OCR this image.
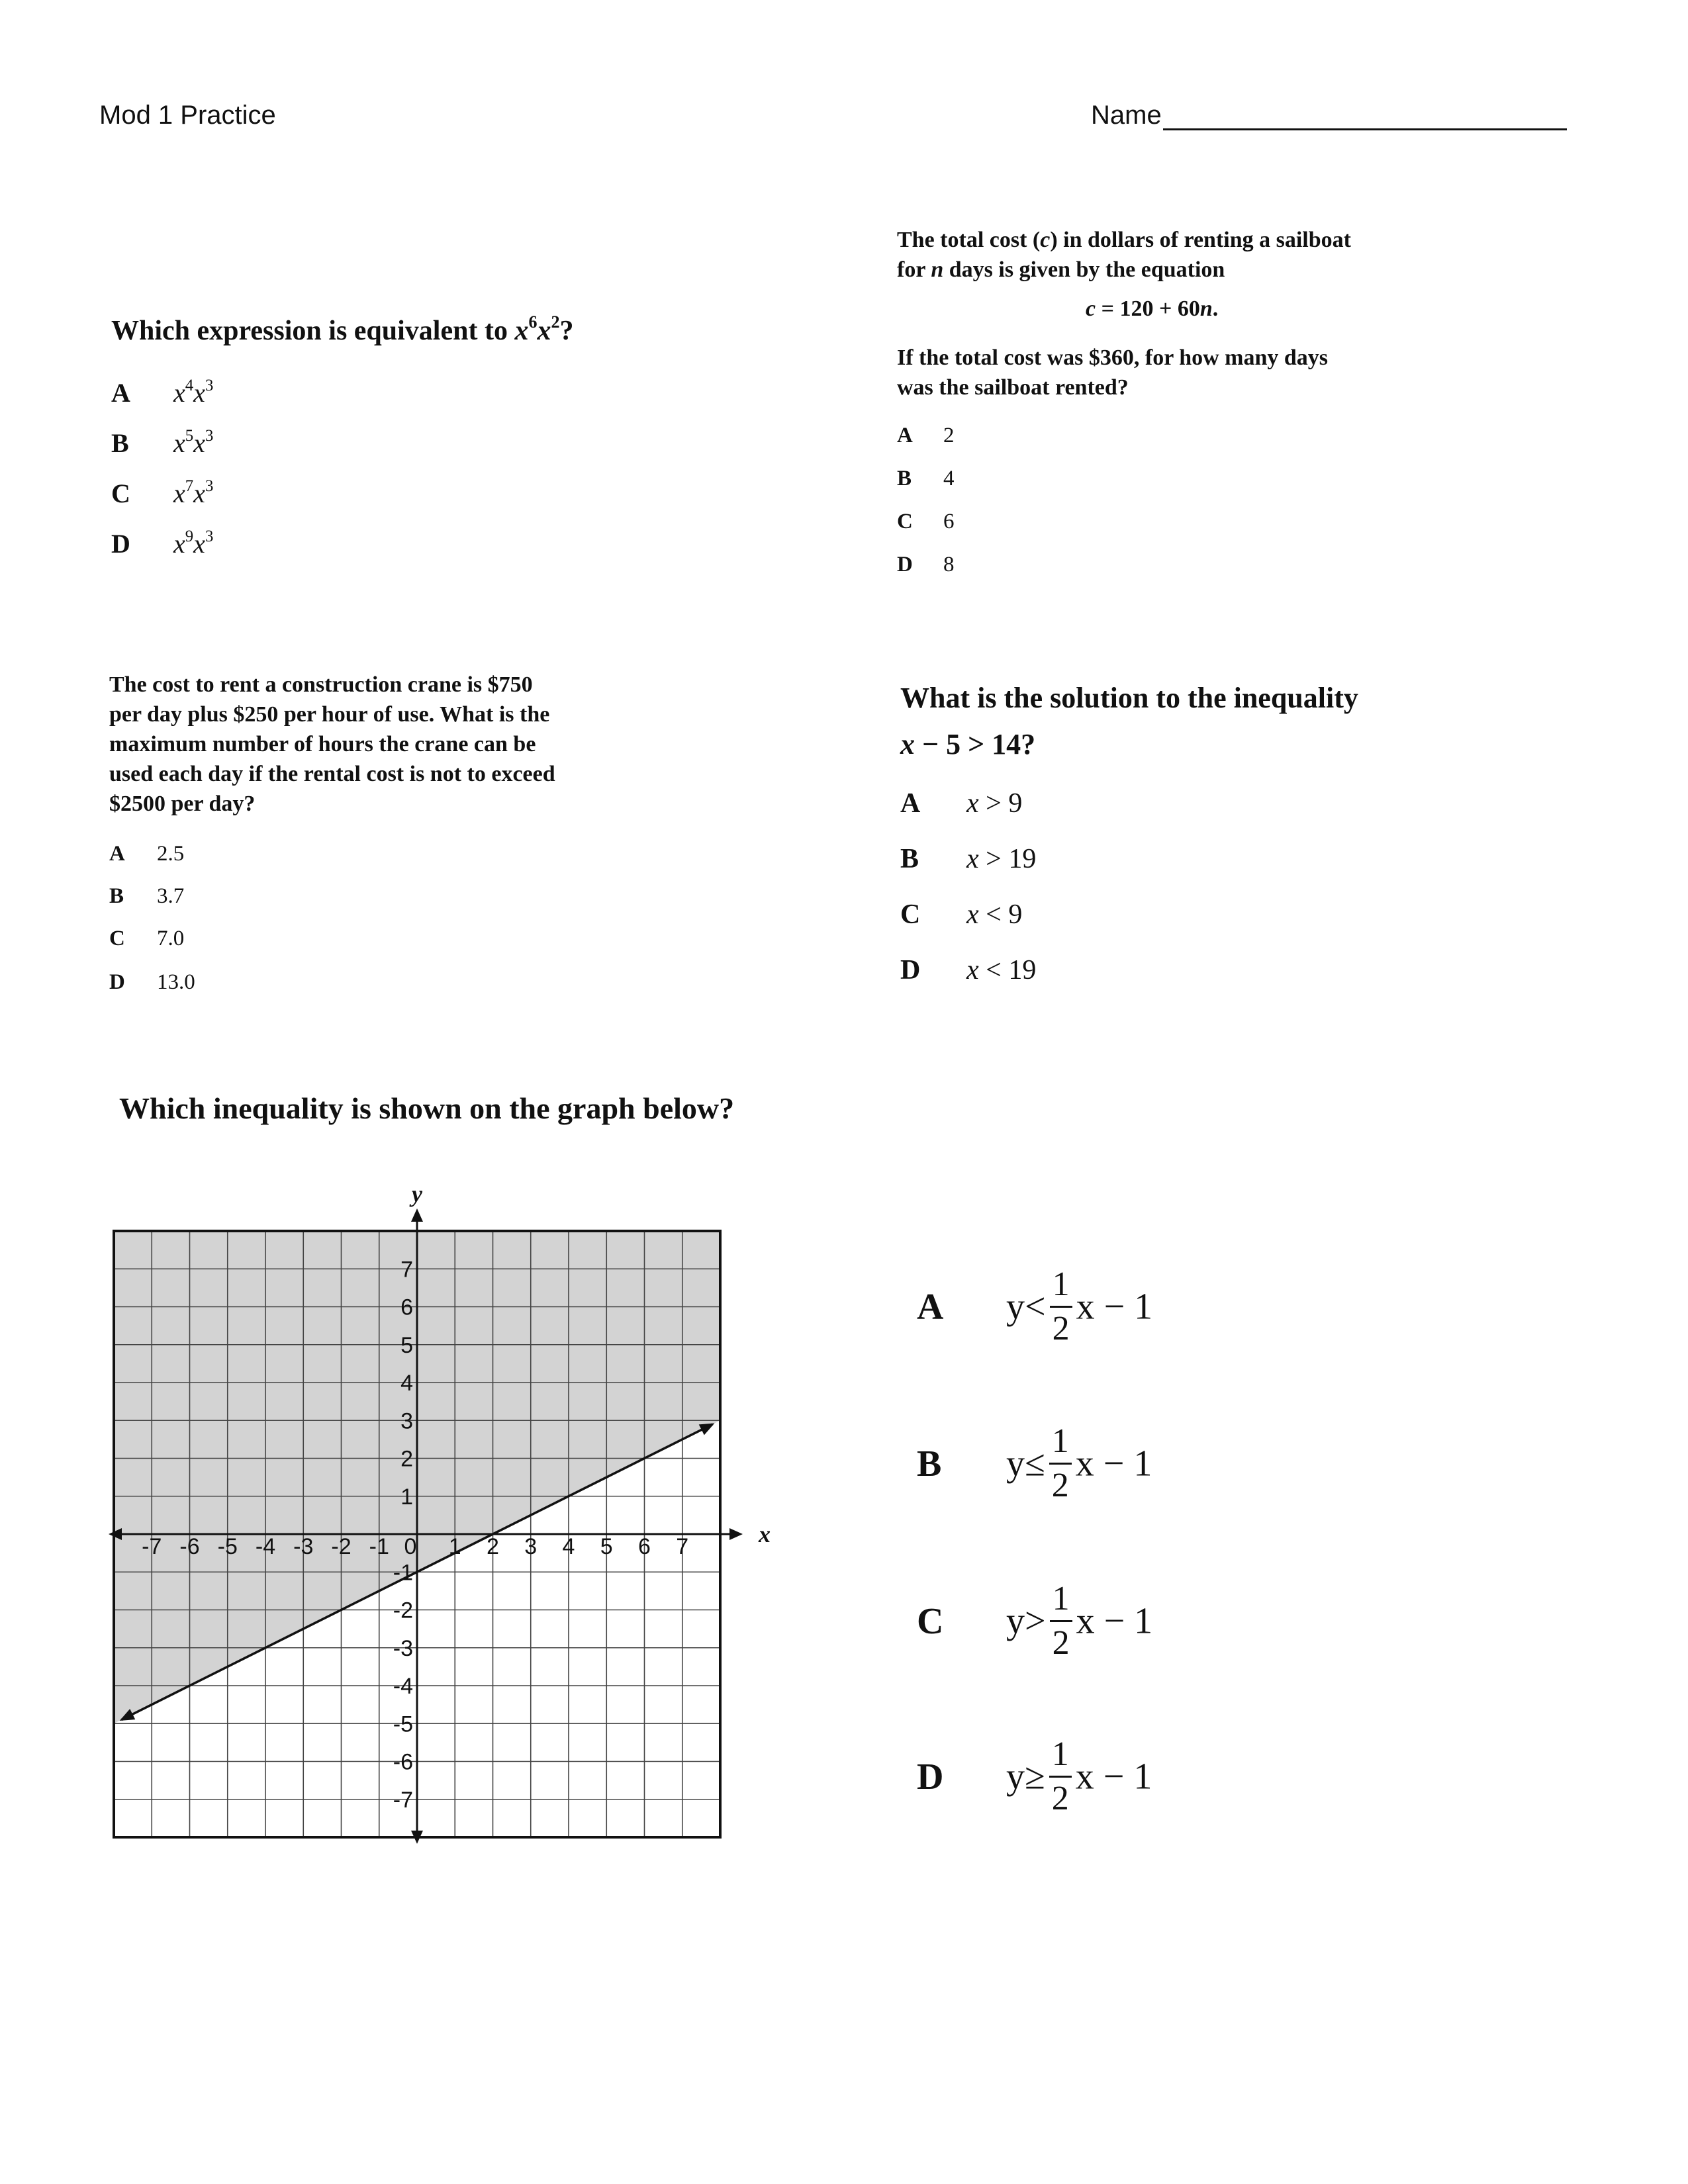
Mod 1 Practice	Name
Which expression is equivalent to $x^6x^2$?
A $x^4x^3$
B $x^5x^3$
C $x^7x^3$
D $x^9x^3$
The total cost (c) in dollars of renting a sailboat
for n days is given by the equation
c = 120 + 60n.
If the total cost was $360, for how many days
was the sailboat rented?
A 2
B 4
C 6
D 8
The cost to rent a construction crane is $750
per day plus $250 per hour of use. What is the
maximum number of hours the crane can be
used each day if the rental cost is not to exceed
$2500 per day?
A 2.5
B 3.7
C 7.0
D 13.0
What is the solution to the inequality
x − 5 > 14?
A x > 9
B x > 19
C x < 9
D x < 19
Which inequality is shown on the graph below?
-7 -6 -5 -4 -3 -2 -1 0 1 2 3 4 5 6 7
7
6
5
4
3
2
1
-1
-2
-3
-4
-5
-6
-7
x
y
A $y< \frac{1}{2}$ x − 1
B $y\le \frac{1}{2}$ x − 1
C $y> \frac{1}{2}$ x − 1
D $y\ge \frac{1}{2}$ x − 1
